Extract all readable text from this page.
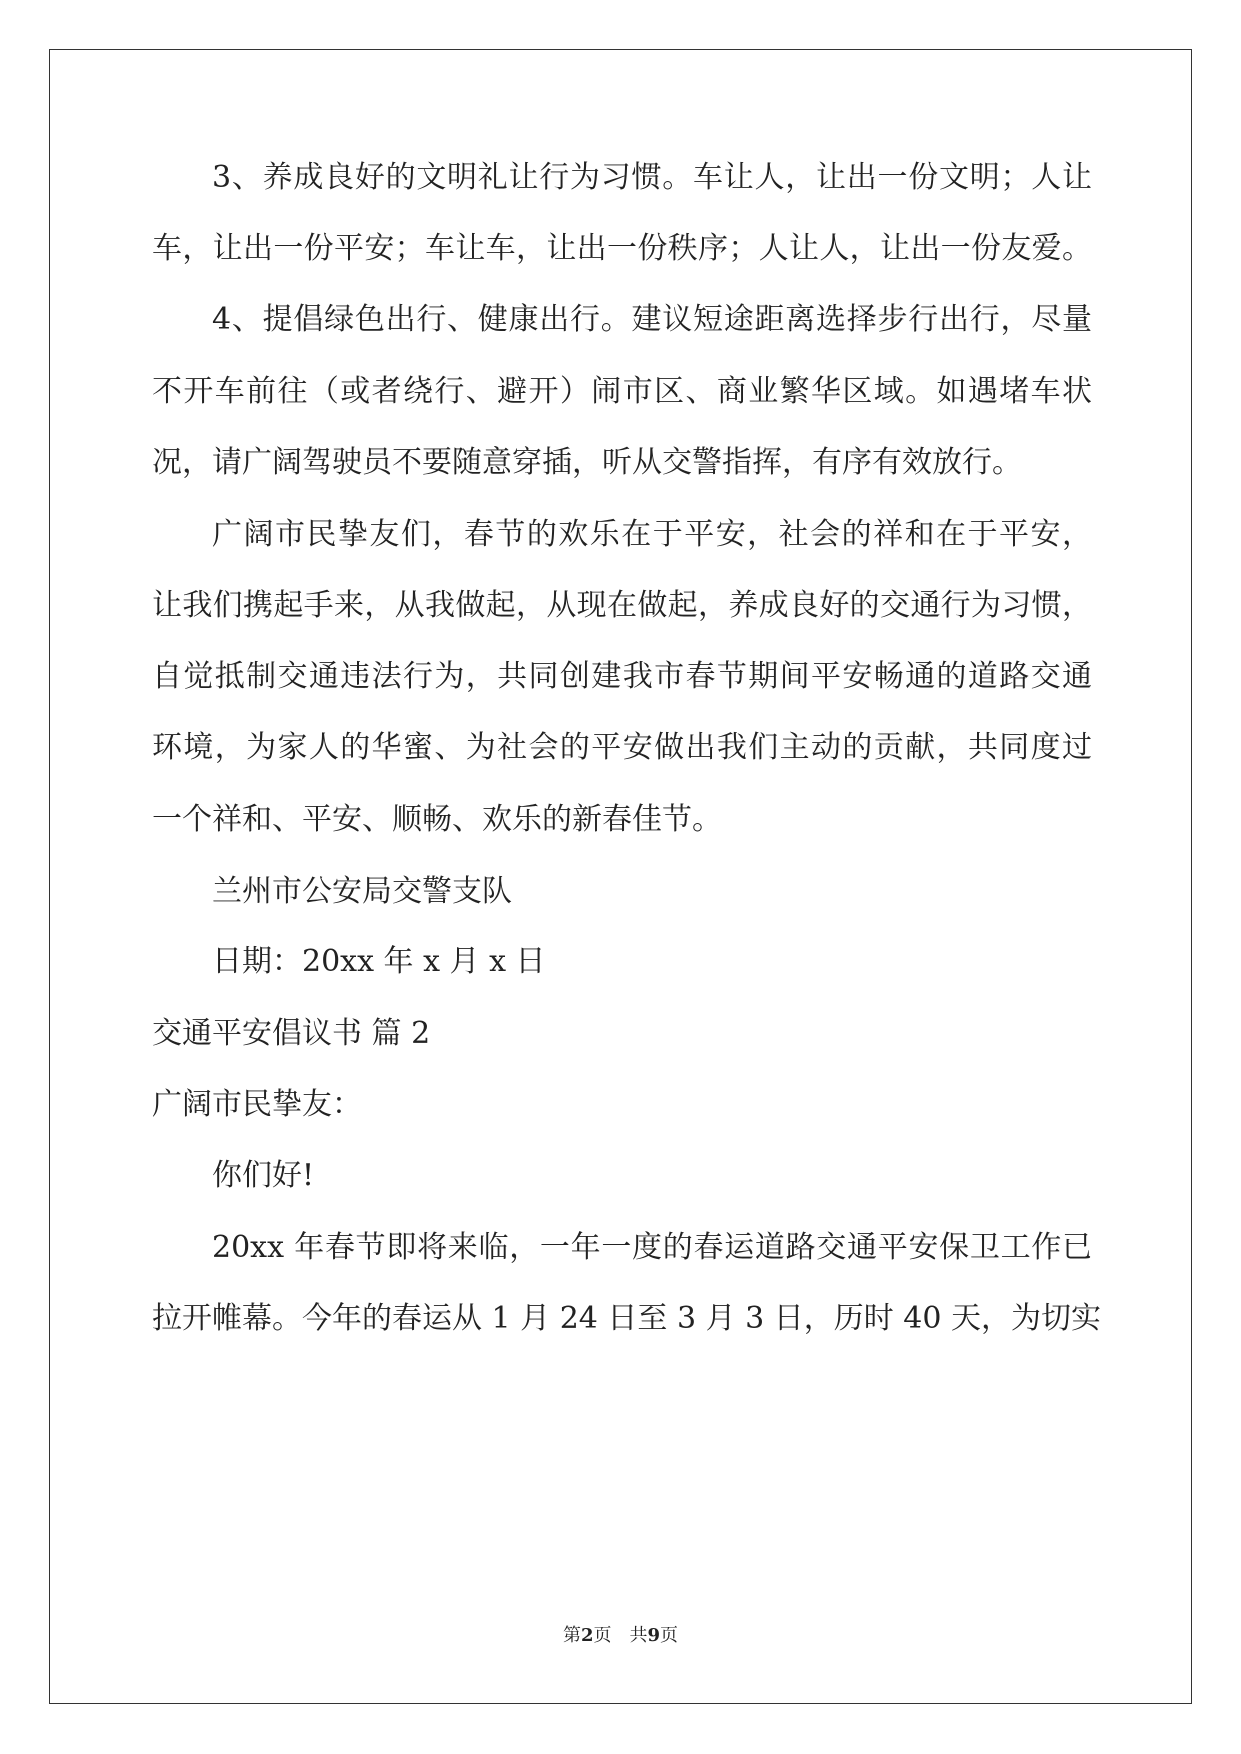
3、养成良好的文明礼让行为习惯。车让人，让出一份文明；人让
车，让出一份平安；车让车，让出一份秩序；人让人，让出一份友爱。
4、提倡绿色出行、健康出行。建议短途距离选择步行出行，尽量
不开车前往（或者绕行、避开）闹市区、商业繁华区域。如遇堵车状
况，请广阔驾驶员不要随意穿插，听从交警指挥，有序有效放行。
广阔市民挚友们，春节的欢乐在于平安，社会的祥和在于平安，
让我们携起手来，从我做起，从现在做起，养成良好的交通行为习惯，
自觉抵制交通违法行为，共同创建我市春节期间平安畅通的道路交通
环境，为家人的华蜜、为社会的平安做出我们主动的贡献，共同度过
一个祥和、平安、顺畅、欢乐的新春佳节。
兰州市公安局交警支队
日期：20xx 年 x 月 x 日
交通平安倡议书 篇 2
广阔市民挚友：
你们好!
20xx 年春节即将来临，一年一度的春运道路交通平安保卫工作已
拉开帷幕。今年的春运从 1 月 24 日至 3 月 3 日，历时 40 天，为切实
第2页　共9页
